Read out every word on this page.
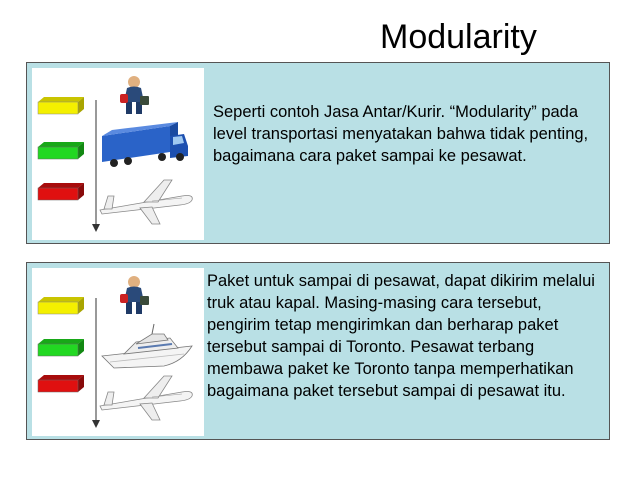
Modularity
Seperti contoh Jasa Antar/Kurir. “Modularity” pada level transportasi menyatakan bahwa tidak penting, bagaimana cara paket sampai ke pesawat.
Paket untuk sampai di pesawat, dapat dikirim melalui truk atau kapal. Masing-masing cara tersebut, pengirim tetap mengirimkan dan berharap paket tersebut sampai di Toronto. Pesawat terbang membawa paket ke Toronto tanpa memperhatikan bagaimana paket tersebut sampai di pesawat itu.
